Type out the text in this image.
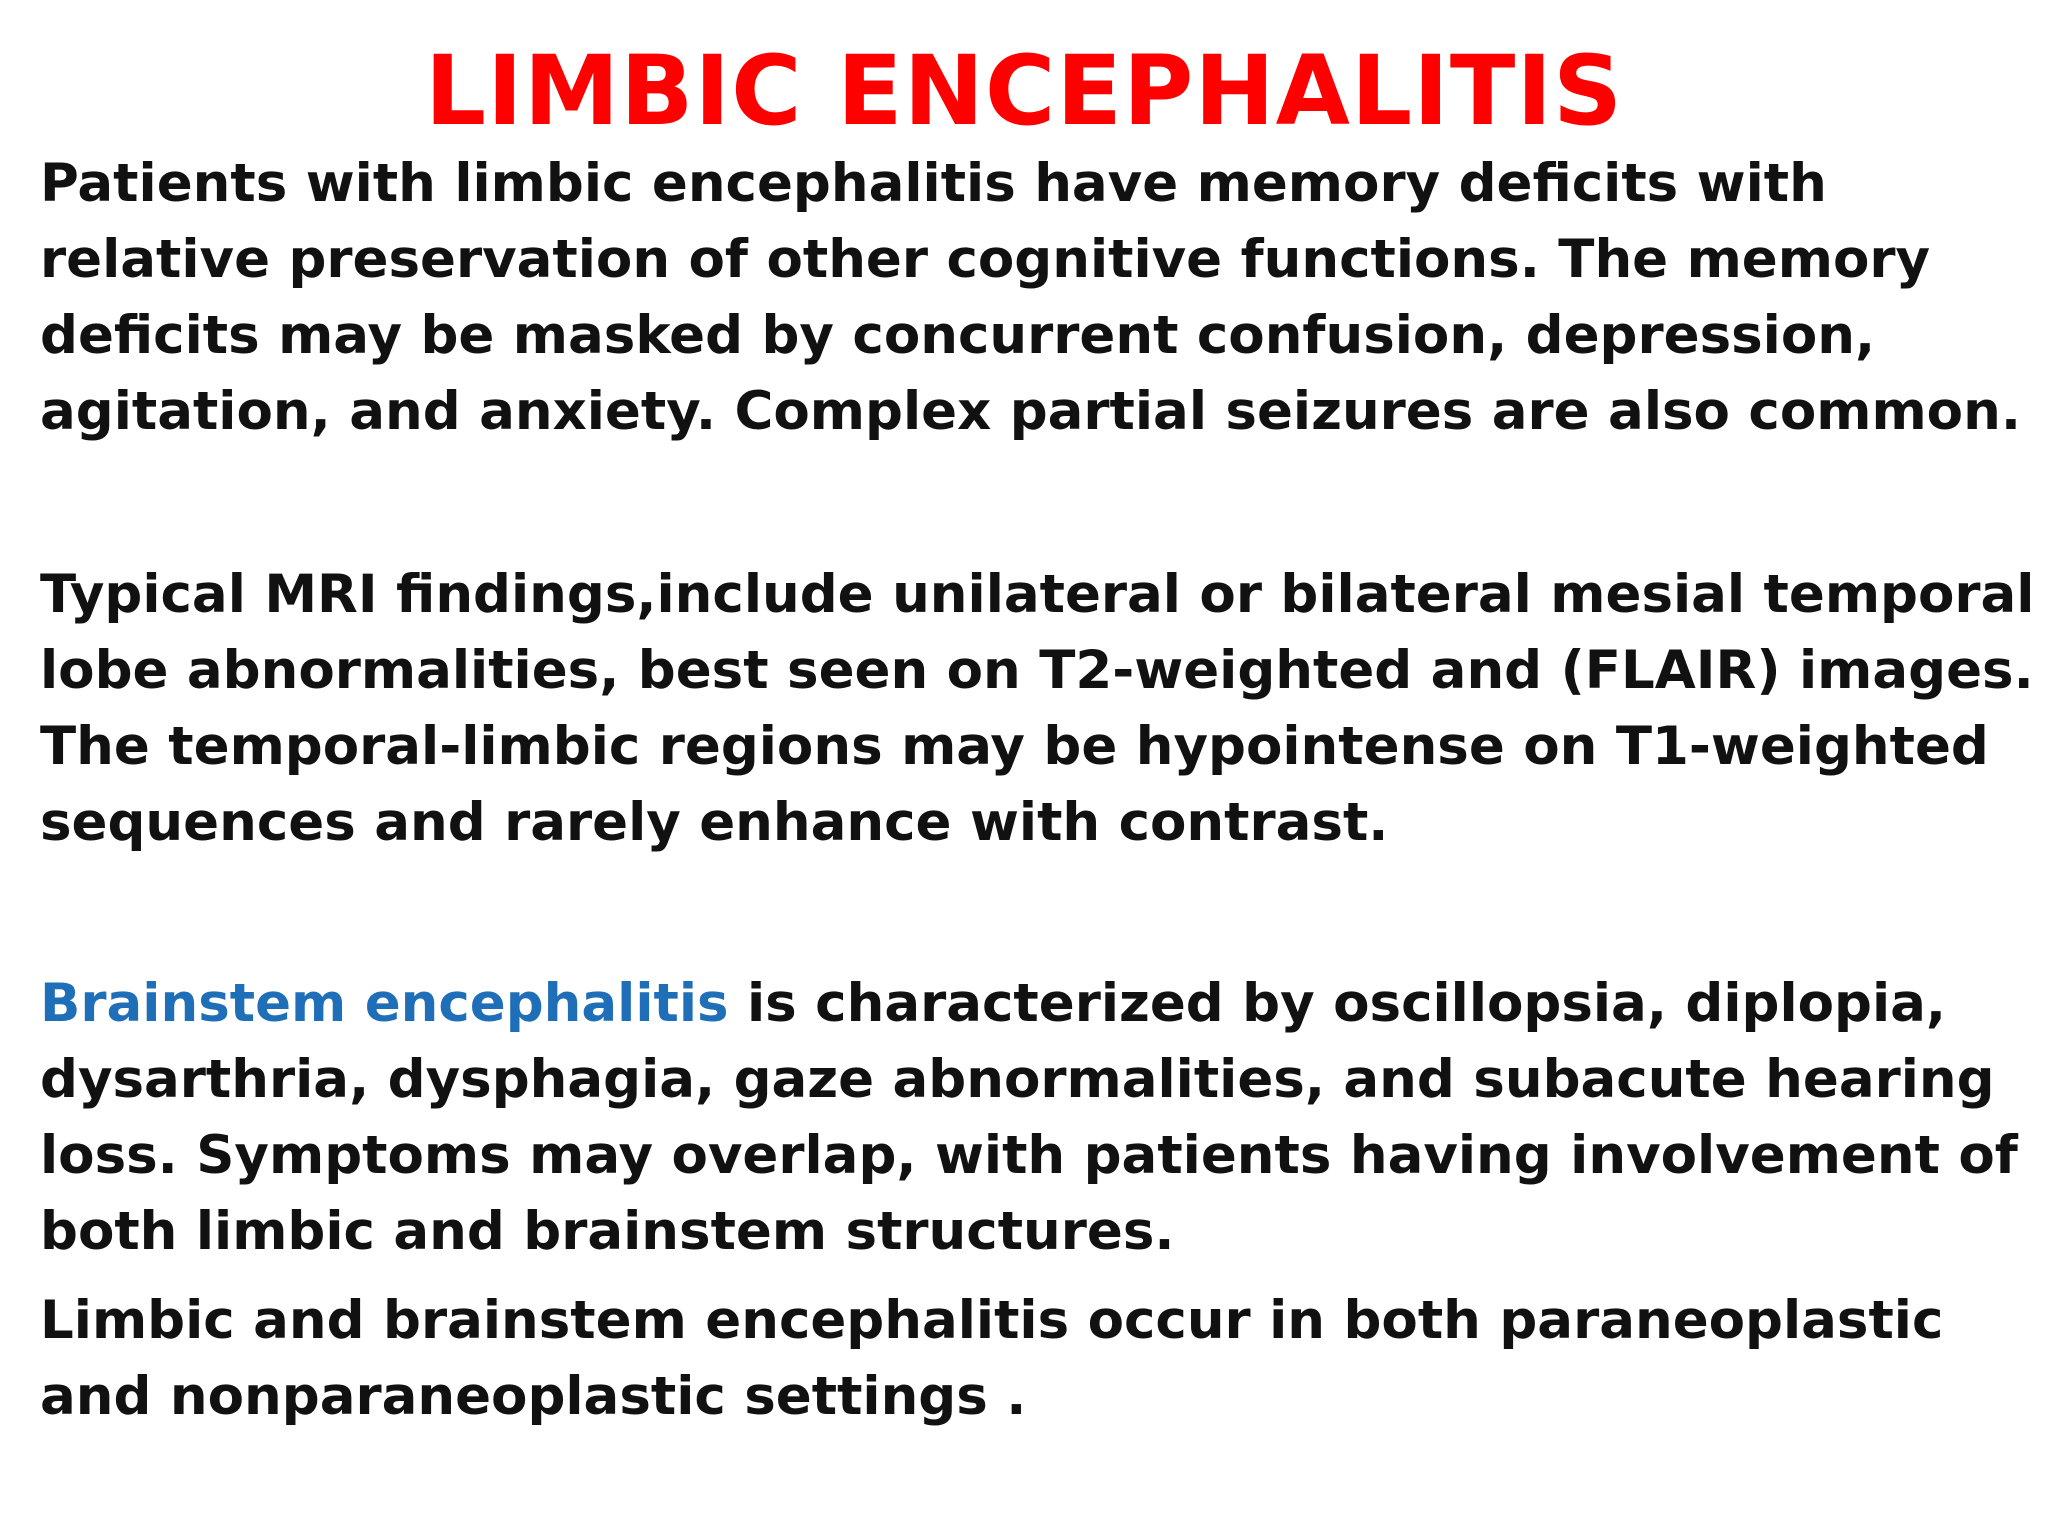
LIMBIC ENCEPHALITIS
Patients with limbic encephalitis have memory deficits with
relative preservation of other cognitive functions. The memory
deficits may be masked by concurrent confusion, depression,
agitation, and anxiety. Complex partial seizures are also common.
Typical MRI findings,include unilateral or bilateral mesial temporal
lobe abnormalities, best seen on T2-weighted and (FLAIR) images.
The temporal-limbic regions may be hypointense on T1-weighted
sequences and rarely enhance with contrast.
Brainstem encephalitis is characterized by oscillopsia, diplopia,
dysarthria, dysphagia, gaze abnormalities, and subacute hearing
loss. Symptoms may overlap, with patients having involvement of
both limbic and brainstem structures.
Limbic and brainstem encephalitis occur in both paraneoplastic
and nonparaneoplastic settings .
